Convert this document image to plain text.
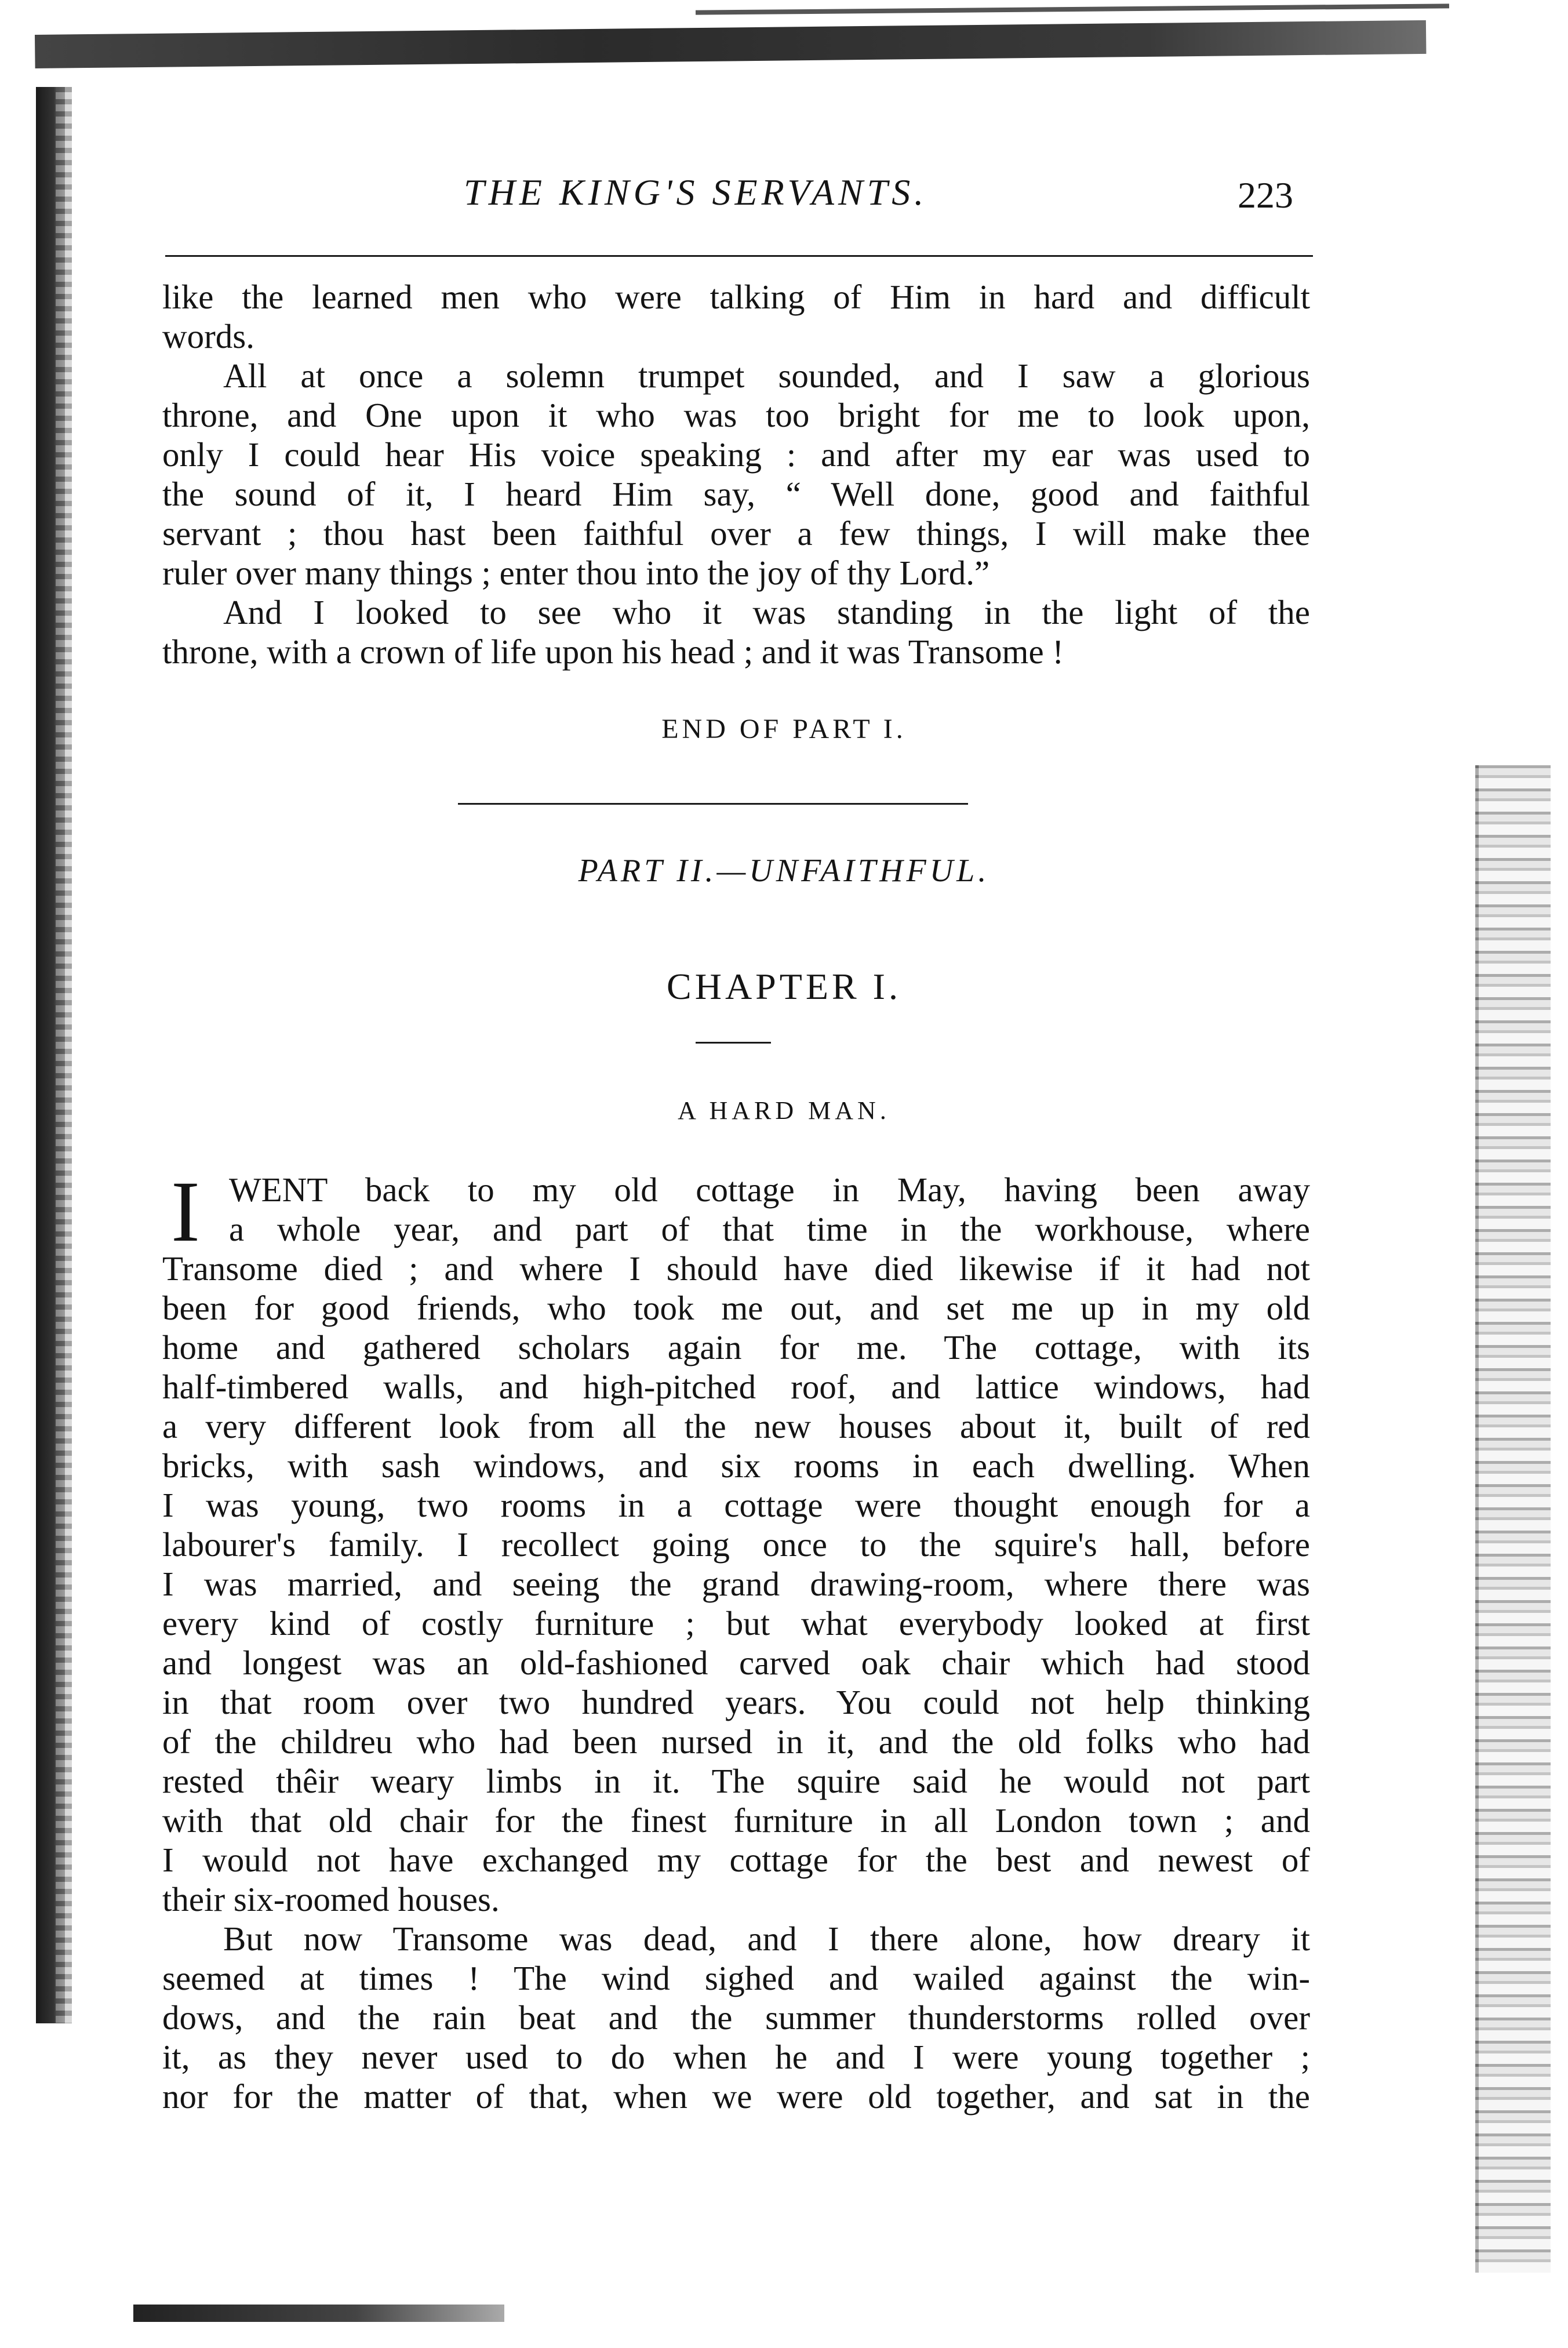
THE KING'S SERVANTS.	223
like the learned men who were talking of Him in hard and difficult
words.
All at once a solemn trumpet sounded, and I saw a glorious
throne, and One upon it who was too bright for me to look upon,
only I could hear His voice speaking : and after my ear was used to
the sound of it, I heard Him say, “ Well done, good and faithful
servant ; thou hast been faithful over a few things, I will make thee
ruler over many things ; enter thou into the joy of thy Lord.”
And I looked to see who it was standing in the light of the
throne, with a crown of life upon his head ; and it was Transome !
END OF PART I.
PART II.—UNFAITHFUL.
CHAPTER I.
A HARD MAN.
I WENT back to my old cottage in May, having been away
a whole year, and part of that time in the workhouse, where
Transome died ; and where I should have died likewise if it had not
been for good friends, who took me out, and set me up in my old
home and gathered scholars again for me. The cottage, with its
half-timbered walls, and high-pitched roof, and lattice windows, had
a very different look from all the new houses about it, built of red
bricks, with sash windows, and six rooms in each dwelling. When
I was young, two rooms in a cottage were thought enough for a
labourer's family. I recollect going once to the squire's hall, before
I was married, and seeing the grand drawing-room, where there was
every kind of costly furniture ; but what everybody looked at first
and longest was an old-fashioned carved oak chair which had stood
in that room over two hundred years. You could not help thinking
of the childreu who had been nursed in it, and the old folks who had
rested thêir weary limbs in it. The squire said he would not part
with that old chair for the finest furniture in all London town ; and
I would not have exchanged my cottage for the best and newest of
their six-roomed houses.
But now Transome was dead, and I there alone, how dreary it
seemed at times ! The wind sighed and wailed against the win-
dows, and the rain beat and the summer thunderstorms rolled over
it, as they never used to do when he and I were young together ;
nor for the matter of that, when we were old together, and sat in the
